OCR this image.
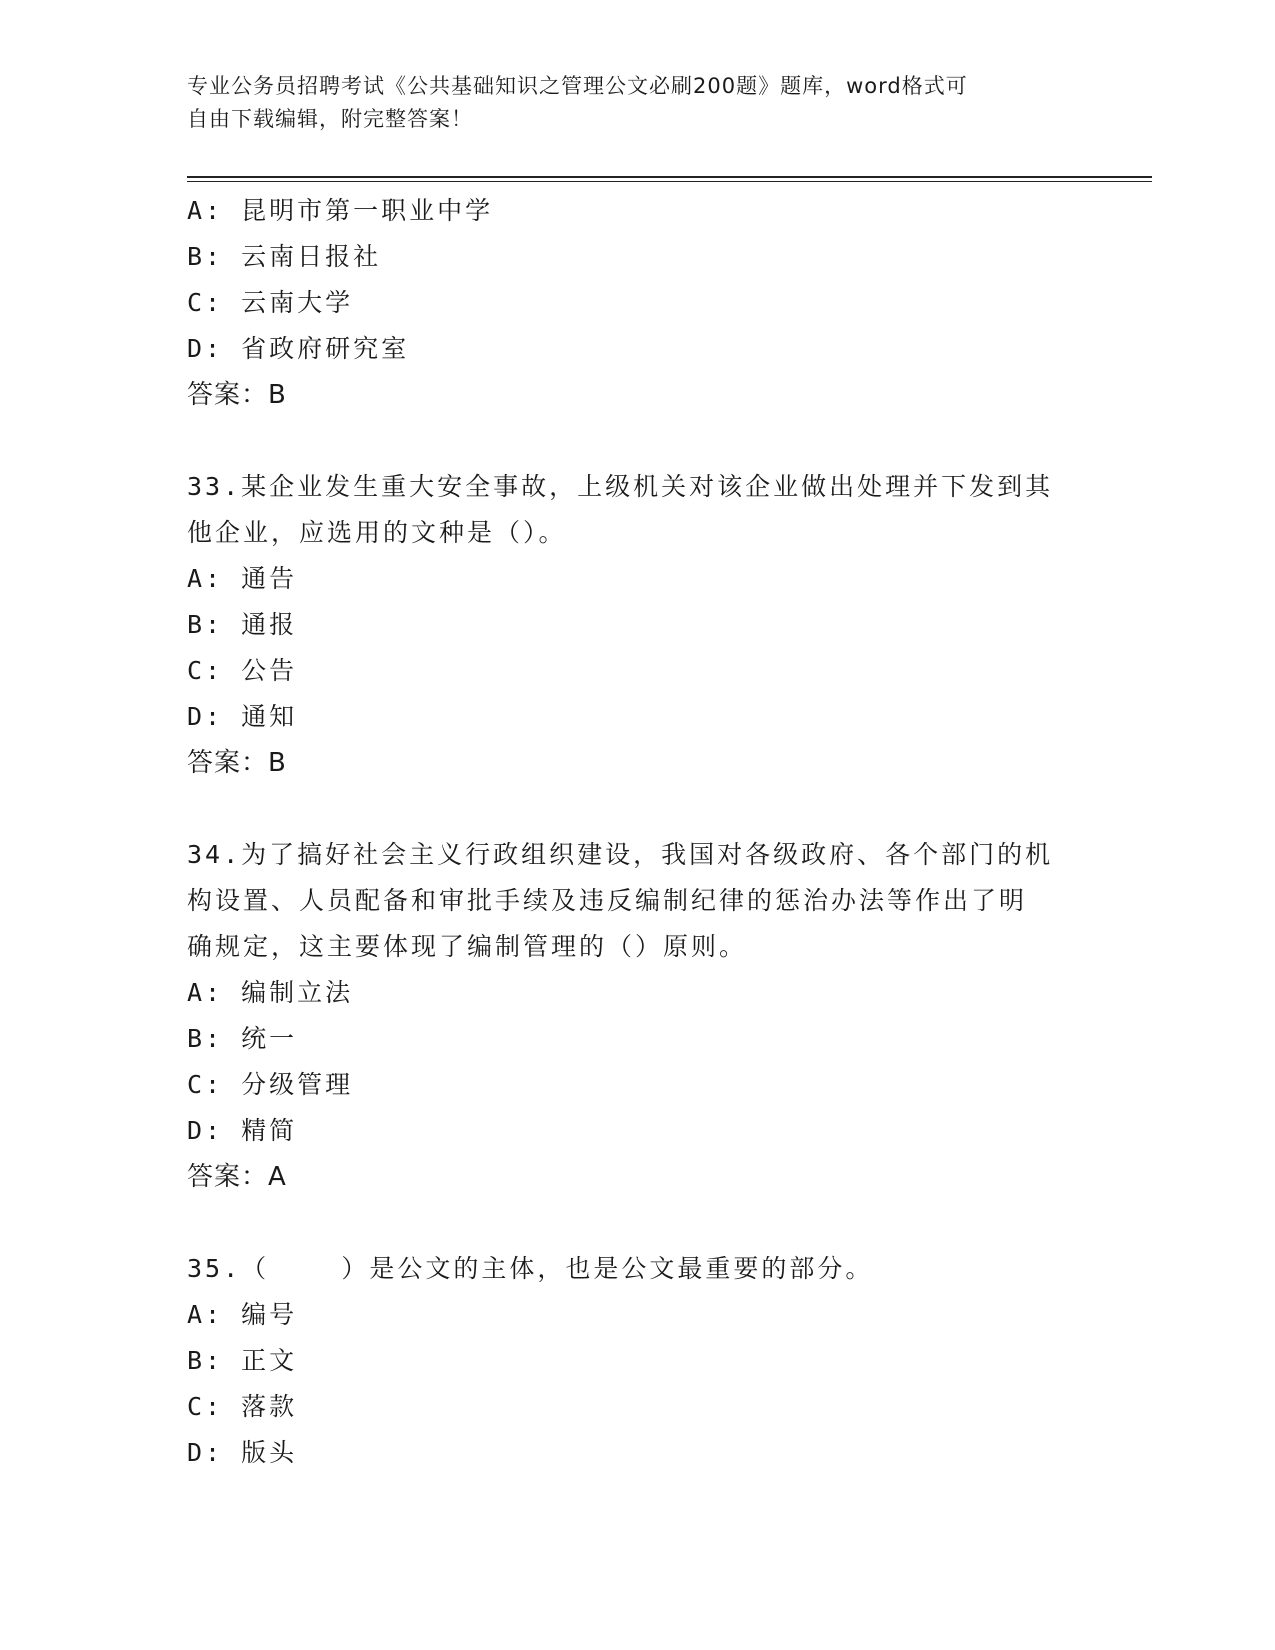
专业公务员招聘考试《公共基础知识之管理公文必刷200题》题库，word格式可
自由下载编辑，附完整答案！
A: 昆明市第一职业中学
B: 云南日报社
C: 云南大学
D: 省政府研究室
答案：B
33.某企业发生重大安全事故，上级机关对该企业做出处理并下发到其
他企业，应选用的文种是（）。
A: 通告
B: 通报
C: 公告
D: 通知
答案：B
34.为了搞好社会主义行政组织建设，我国对各级政府、各个部门的机
构设置、人员配备和审批手续及违反编制纪律的惩治办法等作出了明
确规定，这主要体现了编制管理的（）原则。
A: 编制立法
B: 统一
C: 分级管理
D: 精简
答案：A
35.（    ）是公文的主体，也是公文最重要的部分。
A: 编号
B: 正文
C: 落款
D: 版头
